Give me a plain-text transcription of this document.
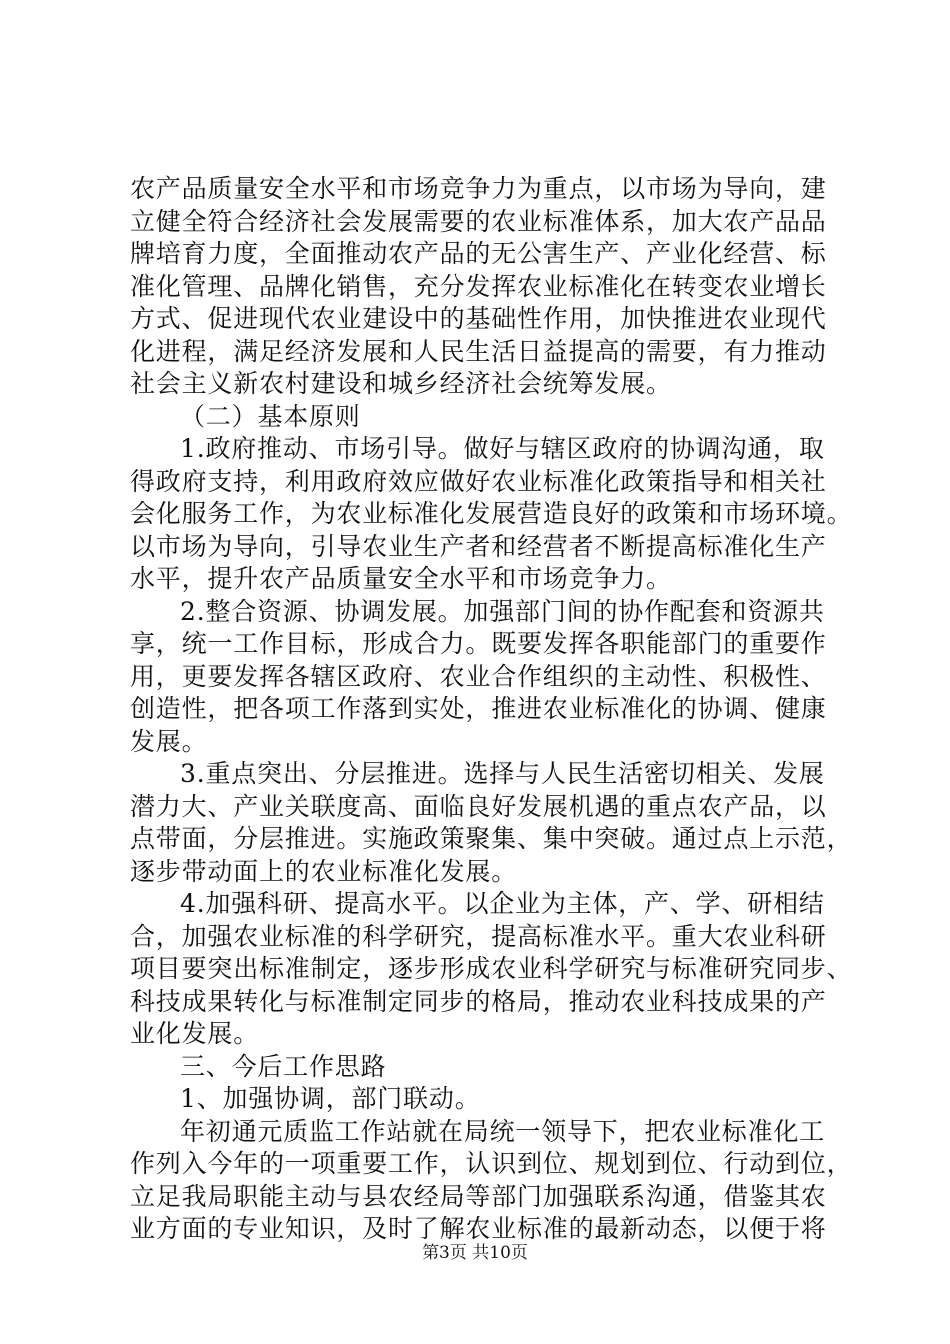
农产品质量安全水平和市场竞争力为重点，以市场为导向，建
立健全符合经济社会发展需要的农业标准体系，加大农产品品
牌培育力度，全面推动农产品的无公害生产、产业化经营、标
准化管理、品牌化销售，充分发挥农业标准化在转变农业增长
方式、促进现代农业建设中的基础性作用，加快推进农业现代
化进程，满足经济发展和人民生活日益提高的需要，有力推动
社会主义新农村建设和城乡经济社会统筹发展。
（二）基本原则
1.政府推动、市场引导。做好与辖区政府的协调沟通，取
得政府支持，利用政府效应做好农业标准化政策指导和相关社
会化服务工作，为农业标准化发展营造良好的政策和市场环境。
以市场为导向，引导农业生产者和经营者不断提高标准化生产
水平，提升农产品质量安全水平和市场竞争力。
2.整合资源、协调发展。加强部门间的协作配套和资源共
享，统一工作目标，形成合力。既要发挥各职能部门的重要作
用，更要发挥各辖区政府、农业合作组织的主动性、积极性、
创造性，把各项工作落到实处，推进农业标准化的协调、健康
发展。
3.重点突出、分层推进。选择与人民生活密切相关、发展
潜力大、产业关联度高、面临良好发展机遇的重点农产品，以
点带面，分层推进。实施政策聚集、集中突破。通过点上示范，
逐步带动面上的农业标准化发展。
4.加强科研、提高水平。以企业为主体，产、学、研相结
合，加强农业标准的科学研究，提高标准水平。重大农业科研
项目要突出标准制定，逐步形成农业科学研究与标准研究同步、
科技成果转化与标准制定同步的格局，推动农业科技成果的产
业化发展。
三、今后工作思路
1、加强协调，部门联动。
年初通元质监工作站就在局统一领导下，把农业标准化工
作列入今年的一项重要工作，认识到位、规划到位、行动到位，
立足我局职能主动与县农经局等部门加强联系沟通，借鉴其农
业方面的专业知识，及时了解农业标准的最新动态，以便于将
第3页 共10页
